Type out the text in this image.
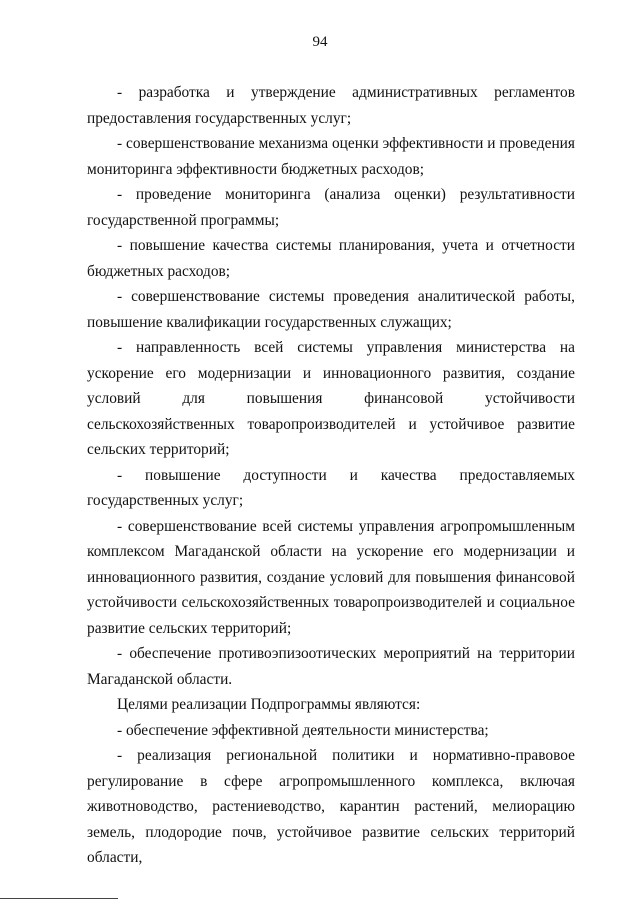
94

- разработка и утверждение административных регламентов предоставления государственных услуг;

- совершенствование механизма оценки эффективности и проведения мониторинга эффективности бюджетных расходов;

- проведение мониторинга (анализа оценки) результативности государственной программы;

- повышение качества системы планирования, учета и отчетности бюджетных расходов;

- совершенствование системы проведения аналитической работы, повышение квалификации государственных служащих;

- направленность всей системы управления министерства на ускорение его модернизации и инновационного развития, создание условий для повышения финансовой устойчивости сельскохозяйственных товаропроизводителей и устойчивое развитие сельских территорий;

- повышение доступности и качества предоставляемых государственных услуг;

- совершенствование всей системы управления агропромышленным комплексом Магаданской области на ускорение его модернизации и инновационного развития, создание условий для повышения финансовой устойчивости сельскохозяйственных товаропроизводителей и социальное развитие сельских территорий;

- обеспечение противоэпизоотических мероприятий на территории Магаданской области.

Целями реализации Подпрограммы являются:

- обеспечение эффективной деятельности министерства;

- реализация региональной политики и нормативно-правовое регулирование в сфере агропромышленного комплекса, включая животноводство, растениеводство, карантин растений, мелиорацию земель, плодородие почв, устойчивое развитие сельских территорий области,
